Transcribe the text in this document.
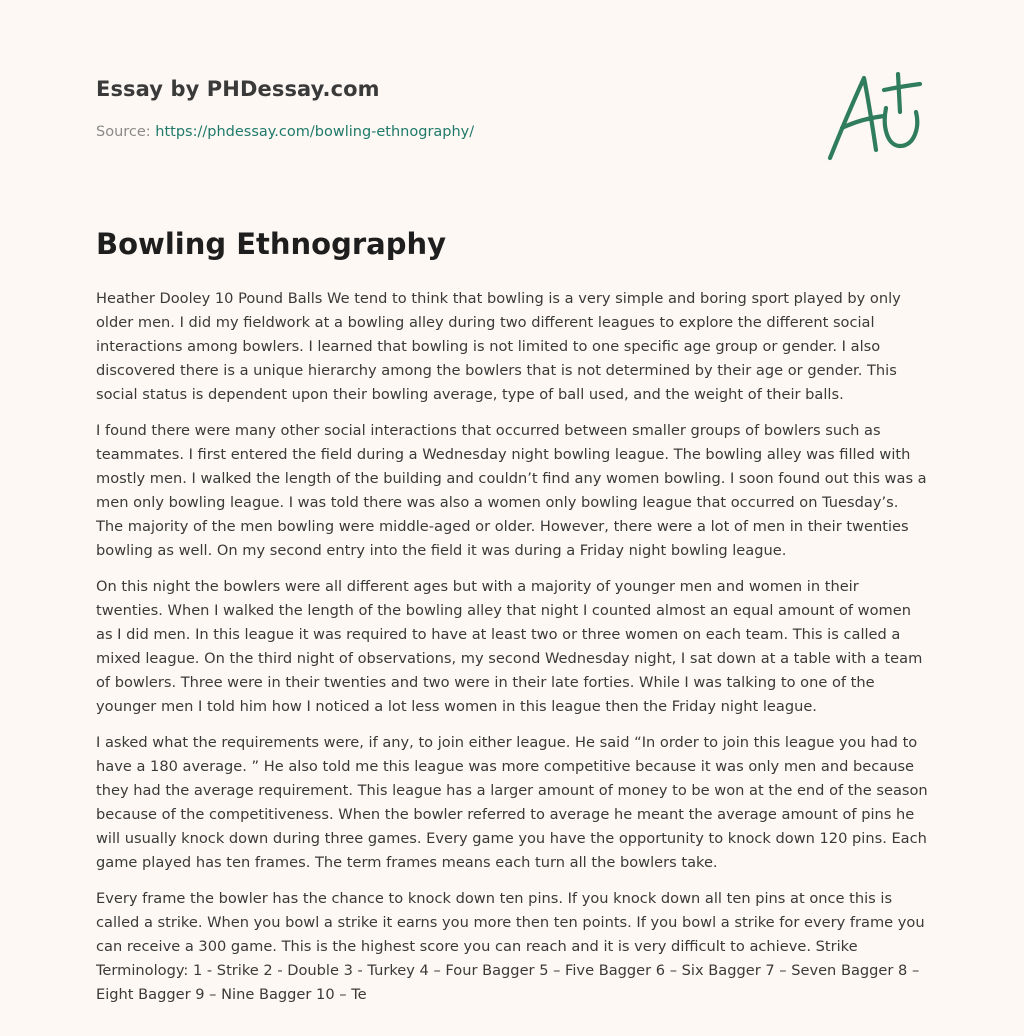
Essay by PHDessay.com
Source: https://phdessay.com/bowling-ethnography/
Bowling Ethnography

Heather Dooley 10 Pound Balls We tend to think that bowling is a very simple and boring sport played by only older men. I did my fieldwork at a bowling alley during two different leagues to explore the different social interactions among bowlers. I learned that bowling is not limited to one specific age group or gender. I also discovered there is a unique hierarchy among the bowlers that is not determined by their age or gender. This social status is dependent upon their bowling average, type of ball used, and the weight of their balls.

I found there were many other social interactions that occurred between smaller groups of bowlers such as teammates. I first entered the field during a Wednesday night bowling league. The bowling alley was filled with mostly men. I walked the length of the building and couldn’t find any women bowling. I soon found out this was a men only bowling league. I was told there was also a women only bowling league that occurred on Tuesday’s. The majority of the men bowling were middle-aged or older. However, there were a lot of men in their twenties bowling as well. On my second entry into the field it was during a Friday night bowling league.

On this night the bowlers were all different ages but with a majority of younger men and women in their twenties. When I walked the length of the bowling alley that night I counted almost an equal amount of women as I did men. In this league it was required to have at least two or three women on each team. This is called a mixed league. On the third night of observations, my second Wednesday night, I sat down at a table with a team of bowlers. Three were in their twenties and two were in their late forties. While I was talking to one of the younger men I told him how I noticed a lot less women in this league then the Friday night league.

I asked what the requirements were, if any, to join either league. He said “In order to join this league you had to have a 180 average. ” He also told me this league was more competitive because it was only men and because they had the average requirement. This league has a larger amount of money to be won at the end of the season because of the competitiveness. When the bowler referred to average he meant the average amount of pins he will usually knock down during three games. Every game you have the opportunity to knock down 120 pins. Each game played has ten frames. The term frames means each turn all the bowlers take.

Every frame the bowler has the chance to knock down ten pins. If you knock down all ten pins at once this is called a strike. When you bowl a strike it earns you more then ten points. If you bowl a strike for every frame you can receive a 300 game. This is the highest score you can reach and it is very difficult to achieve. Strike Terminology: 1 - Strike 2 - Double 3 - Turkey 4 – Four Bagger 5 – Five Bagger 6 – Six Bagger 7 – Seven Bagger 8 – Eight Bagger 9 – Nine Bagger 10 – Te
